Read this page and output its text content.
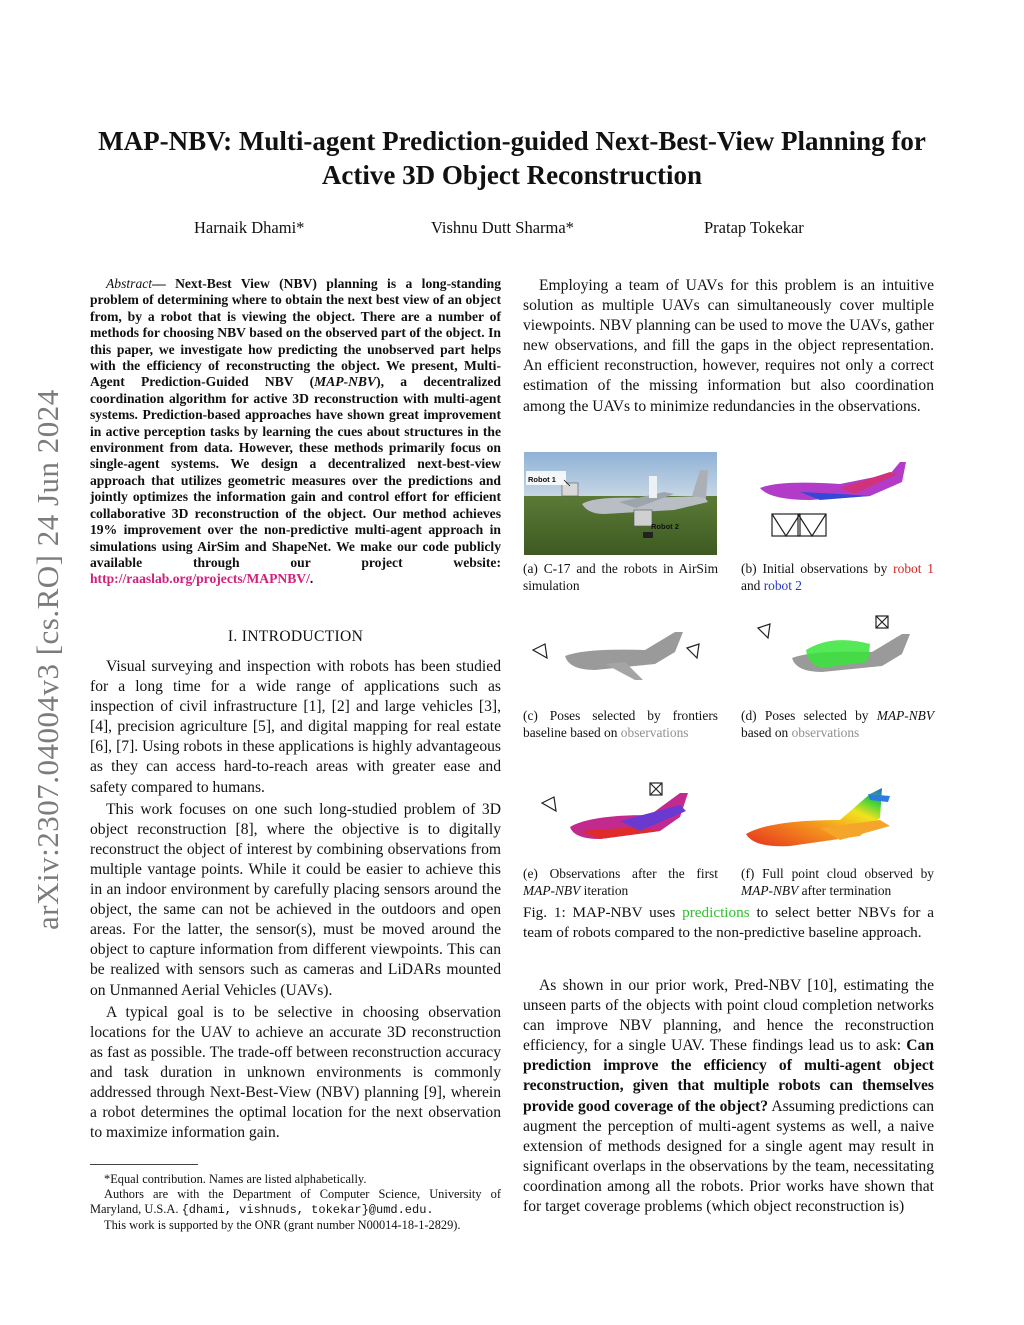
arXiv:2307.04004v3 [cs.RO] 24 Jun 2024
MAP-NBV: Multi-agent Prediction-guided Next-Best-View Planning for Active 3D Object Reconstruction
Harnaik Dhami*	Vishnu Dutt Sharma*	Pratap Tokekar

Abstract— Next-Best View (NBV) planning is a long-standing problem of determining where to obtain the next best view of an object from, by a robot that is viewing the object. There are a number of methods for choosing NBV based on the observed part of the object. In this paper, we investigate how predicting the unobserved part helps with the efficiency of reconstructing the object. We present, Multi-Agent Prediction-Guided NBV (MAP-NBV), a decentralized coordination algorithm for active 3D reconstruction with multi-agent systems. Prediction-based approaches have shown great improvement in active perception tasks by learning the cues about structures in the environment from data. However, these methods primarily focus on single-agent systems. We design a decentralized next-best-view approach that utilizes geometric measures over the predictions and jointly optimizes the information gain and control effort for efficient collaborative 3D reconstruction of the object. Our method achieves 19% improvement over the non-predictive multi-agent approach in simulations using AirSim and ShapeNet. We make our code publicly available through our project website: http://raaslab.org/projects/MAPNBV/.

I. INTRODUCTION

Visual surveying and inspection with robots has been studied for a long time for a wide range of applications such as inspection of civil infrastructure [1], [2] and large vehicles [3], [4], precision agriculture [5], and digital mapping for real estate [6], [7]. Using robots in these applications is highly advantageous as they can access hard-to-reach areas with greater ease and safety compared to humans.

This work focuses on one such long-studied problem of 3D object reconstruction [8], where the objective is to digitally reconstruct the object of interest by combining observations from multiple vantage points. While it could be easier to achieve this in an indoor environment by carefully placing sensors around the object, the same can not be achieved in the outdoors and open areas. For the latter, the sensor(s), must be moved around the object to capture information from different viewpoints. This can be realized with sensors such as cameras and LiDARs mounted on Unmanned Aerial Vehicles (UAVs).

A typical goal is to be selective in choosing observation locations for the UAV to achieve an accurate 3D reconstruction as fast as possible. The trade-off between reconstruction accuracy and task duration in unknown environments is commonly addressed through Next-Best-View (NBV) planning [9], wherein a robot determines the optimal location for the next observation to maximize information gain.

*Equal contribution. Names are listed alphabetically.

Authors are with the Department of Computer Science, University of Maryland, U.S.A. {dhami, vishnuds, tokekar}@umd.edu.

This work is supported by the ONR (grant number N00014-18-1-2829).

Employing a team of UAVs for this problem is an intuitive solution as multiple UAVs can simultaneously cover multiple viewpoints. NBV planning can be used to move the UAVs, gather new observations, and fill the gaps in the object representation. An efficient reconstruction, however, requires not only a correct estimation of the missing information but also coordination among the UAVs to minimize redundancies in the observations.

Robot 1
Robot 2
(a) C-17 and the robots in AirSim simulation
(b) Initial observations by robot 1 and robot 2
(c) Poses selected by frontiers baseline based on observations
(d) Poses selected by MAP-NBV based on observations
(e) Observations after the first MAP-NBV iteration
(f) Full point cloud observed by MAP-NBV after termination
Fig. 1: MAP-NBV uses predictions to select better NBVs for a team of robots compared to the non-predictive baseline approach.

As shown in our prior work, Pred-NBV [10], estimating the unseen parts of the objects with point cloud completion networks can improve NBV planning, and hence the reconstruction efficiency, for a single UAV. These findings lead us to ask: Can prediction improve the efficiency of multi-agent object reconstruction, given that multiple robots can themselves provide good coverage of the object? Assuming predictions can augment the perception of multi-agent systems as well, a naive extension of methods designed for a single agent may result in significant overlaps in the observations by the team, necessitating coordination among all the robots. Prior works have shown that for target coverage problems (which object reconstruction is)
